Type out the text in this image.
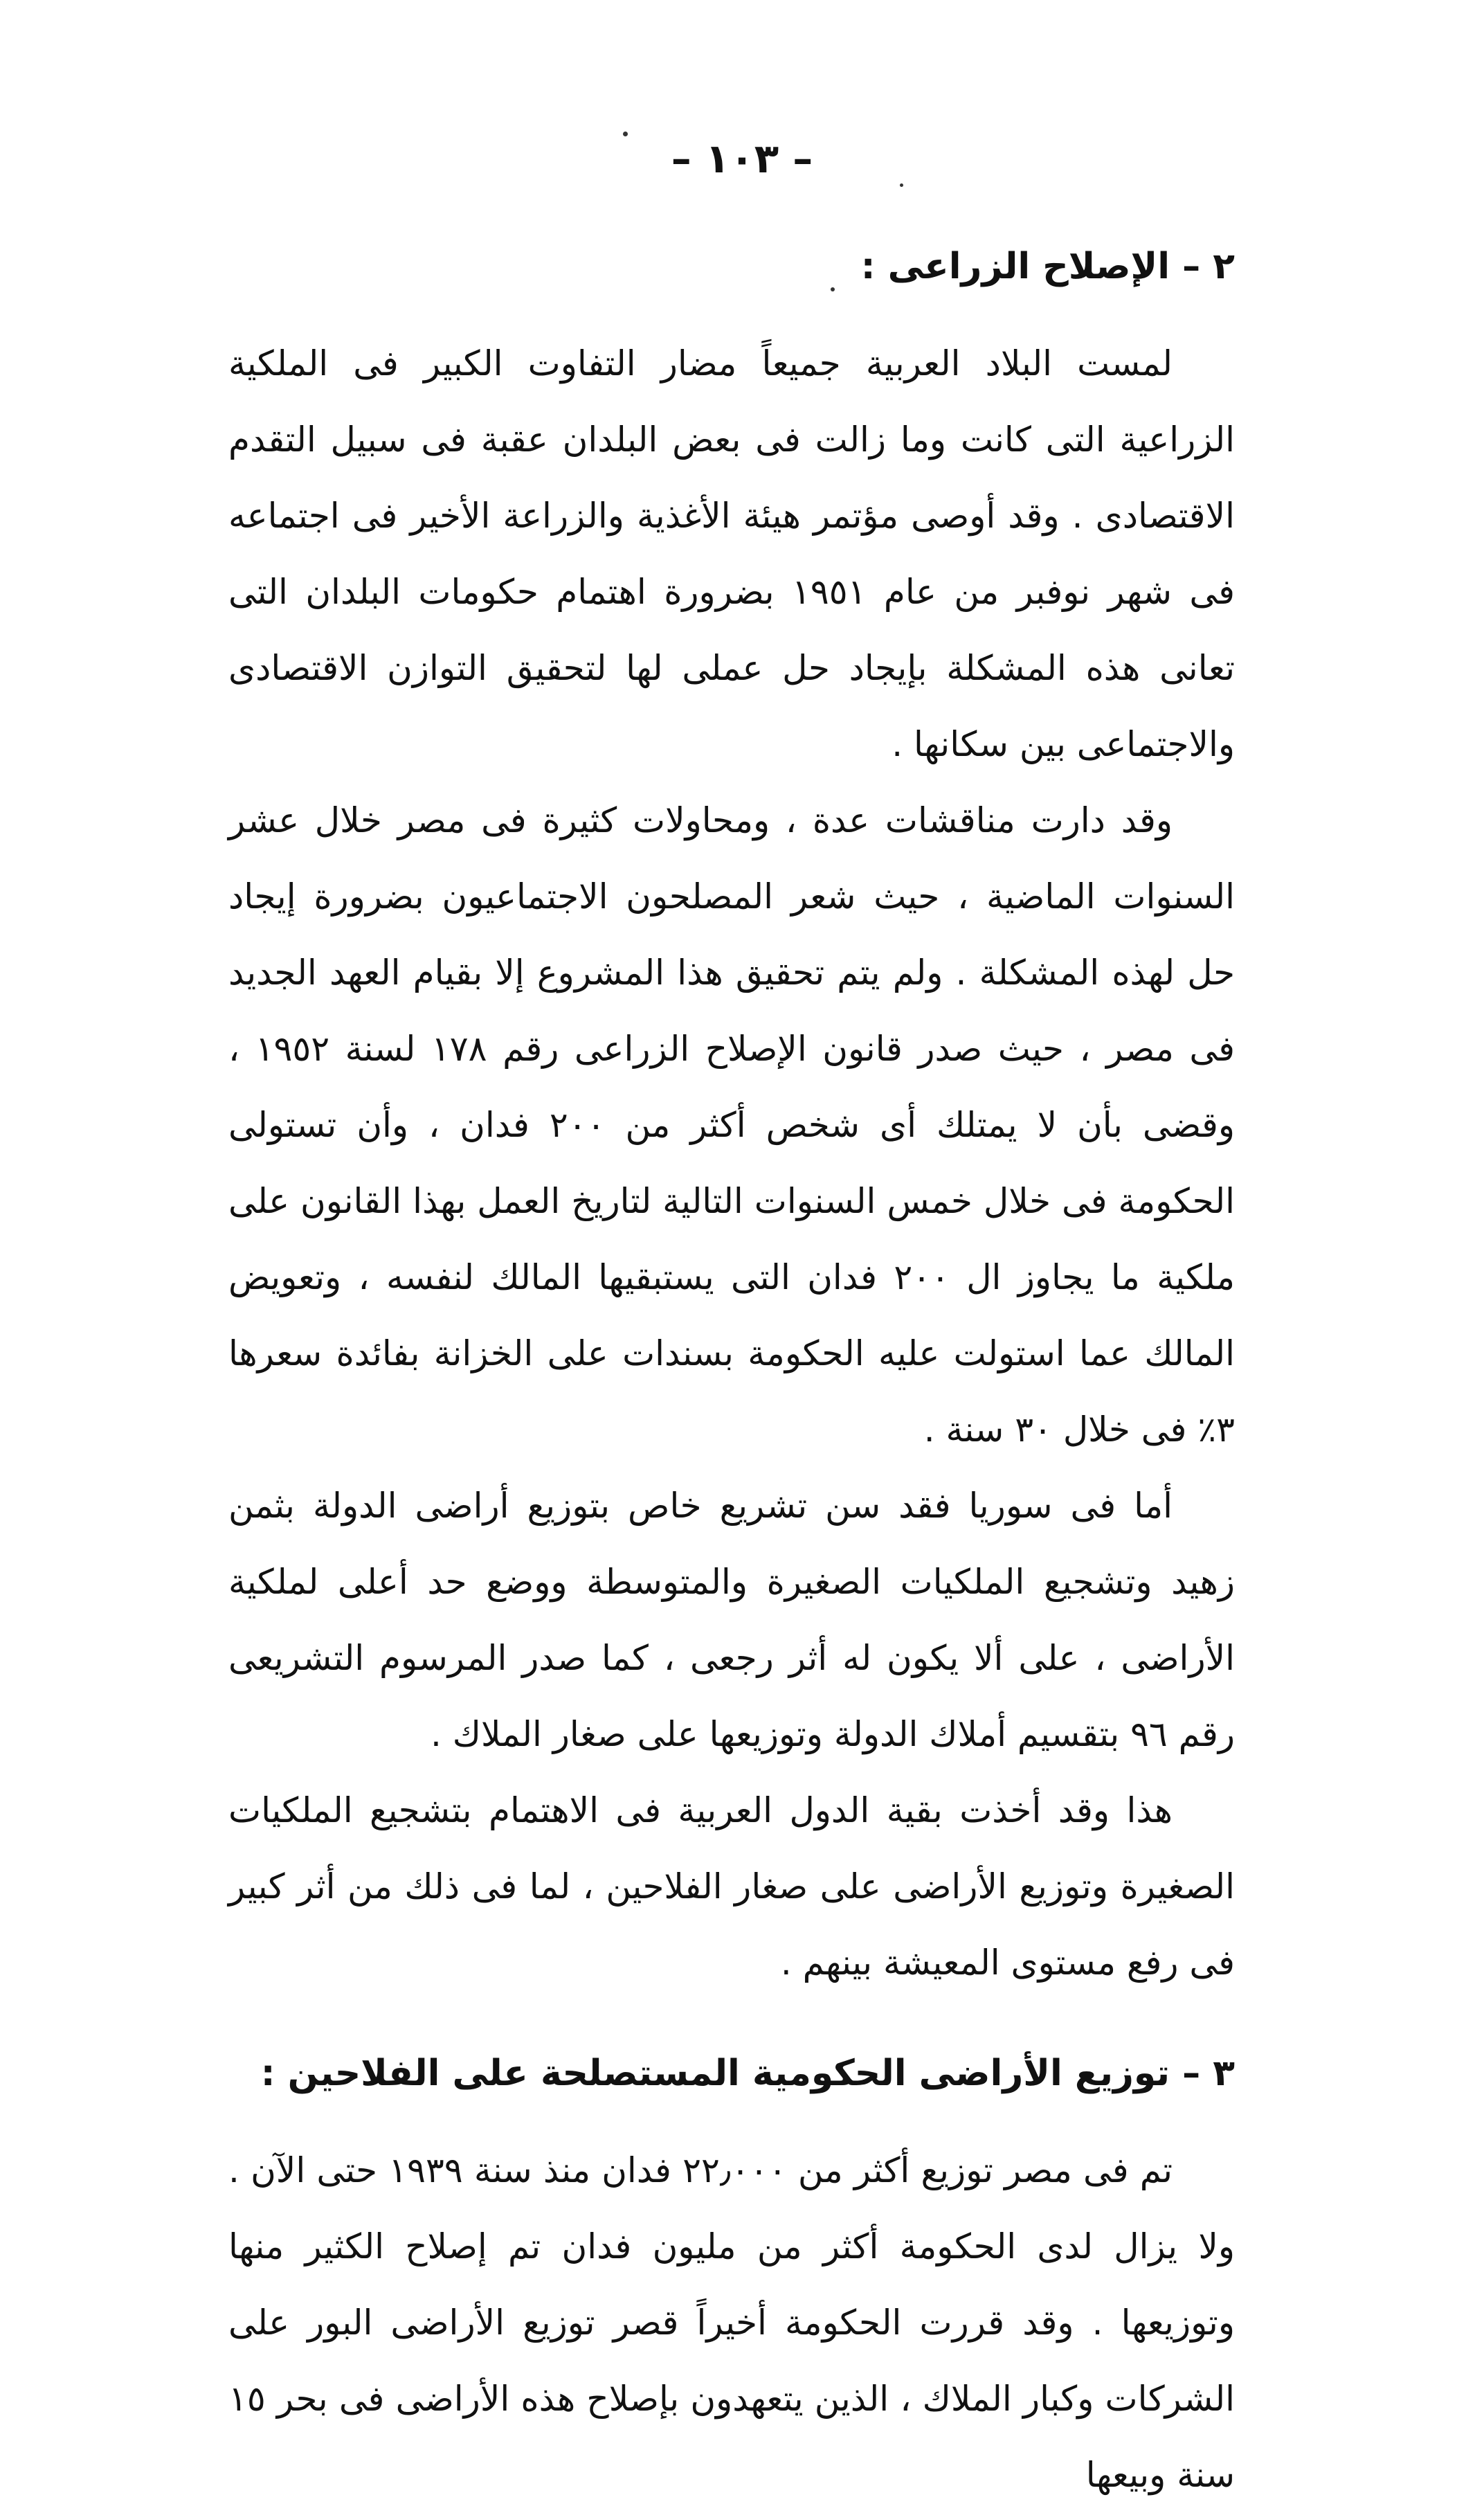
– ١٠٣ –
٢ – الإصلاح الزراعى :

لمست البلاد العربية جميعاً مضار التفاوت الكبير فى الملكية الزراعية التى كانت وما زالت فى بعض البلدان عقبة فى سبيل التقدم الاقتصادى . وقد أوصى مؤتمر هيئة الأغذية والزراعة الأخير فى اجتماعه فى شهر نوفبر من عام ١٩٥١ بضرورة اهتمام حكومات البلدان التى تعانى هذه المشكلة بإيجاد حل عملى لها لتحقيق التوازن الاقتصادى والاجتماعى بين سكانها .

وقد دارت مناقشات عدة ، ومحاولات كثيرة فى مصر خلال عشر السنوات الماضية ، حيث شعر المصلحون الاجتماعيون بضرورة إيجاد حل لهذه المشكلة . ولم يتم تحقيق هذا المشروع إلا بقيام العهد الجديد فى مصر ، حيث صدر قانون الإصلاح الزراعى رقم ١٧٨ لسنة ١٩٥٢ ، وقضى بأن لا يمتلك أى شخص أكثر من ٢٠٠ فدان ، وأن تستولى الحكومة فى خلال خمس السنوات التالية لتاريخ العمل بهذا القانون على ملكية ما يجاوز ال ٢٠٠ فدان التى يستبقيها المالك لنفسه ، وتعويض المالك عما استولت عليه الحكومة بسندات على الخزانة بفائدة سعرها ٣٪ فى خلال ٣٠ سنة .

أما فى سوريا فقد سن تشريع خاص بتوزيع أراضى الدولة بثمن زهيد وتشجيع الملكيات الصغيرة والمتوسطة ووضع حد أعلى لملكية الأراضى ، على ألا يكون له أثر رجعى ، كما صدر المرسوم التشريعى رقم ٩٦ بتقسيم أملاك الدولة وتوزيعها على صغار الملاك .

هذا وقد أخذت بقية الدول العربية فى الاهتمام بتشجيع الملكيات الصغيرة وتوزيع الأراضى على صغار الفلاحين ، لما فى ذلك من أثر كبير فى رفع مستوى المعيشة بينهم .

٣ – توزيع الأراضى الحكومية المستصلحة على الفلاحين :

تم فى مصر توزيع أكثر من ٢٢٫٠٠٠ فدان منذ سنة ١٩٣٩ حتى الآن . ولا يزال لدى الحكومة أكثر من مليون فدان تم إصلاح الكثير منها وتوزيعها . وقد قررت الحكومة أخيراً قصر توزيع الأراضى البور على الشركات وكبار الملاك ، الذين يتعهدون بإصلاح هذه الأراضى فى بحر ١٥ سنة وبيعها
